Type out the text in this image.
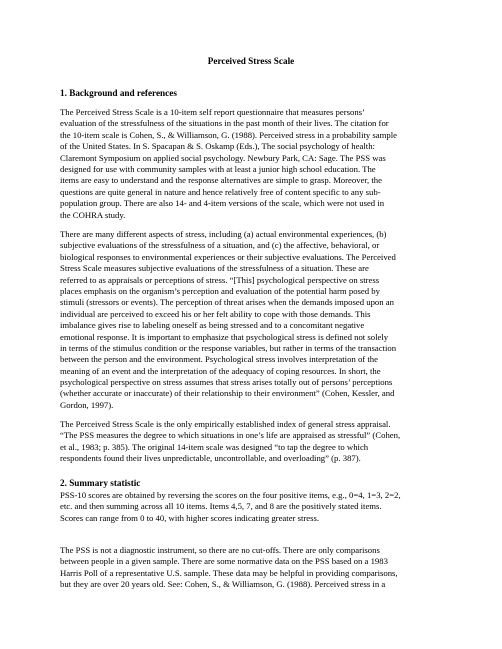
Perceived Stress Scale
1. Background and references
The Perceived Stress Scale is a 10-item self report questionnaire that measures persons’
evaluation of the stressfulness of the situations in the past month of their lives. The citation for
the 10-item scale is Cohen, S., & Williamson, G. (1988). Perceived stress in a probability sample
of the United States. In S. Spacapan & S. Oskamp (Eds.), The social psychology of health:
Claremont Symposium on applied social psychology. Newbury Park, CA: Sage. The PSS was
designed for use with community samples with at least a junior high school education. The
items are easy to understand and the response alternatives are simple to grasp. Moreover, the
questions are quite general in nature and hence relatively free of content specific to any sub-
population group. There are also 14- and 4-item versions of the scale, which were not used in
the COHRA study.
There are many different aspects of stress, including (a) actual environmental experiences, (b)
subjective evaluations of the stressfulness of a situation, and (c) the affective, behavioral, or
biological responses to environmental experiences or their subjective evaluations. The Perceived
Stress Scale measures subjective evaluations of the stressfulness of a situation. These are
referred to as appraisals or perceptions of stress. “[This] psychological perspective on stress
places emphasis on the organism’s perception and evaluation of the potential harm posed by
stimuli (stressors or events). The perception of threat arises when the demands imposed upon an
individual are perceived to exceed his or her felt ability to cope with those demands. This
imbalance gives rise to labeling oneself as being stressed and to a concomitant negative
emotional response. It is important to emphasize that psychological stress is defined not solely
in terms of the stimulus condition or the response variables, but rather in terms of the transaction
between the person and the environment. Psychological stress involves interpretation of the
meaning of an event and the interpretation of the adequacy of coping resources. In short, the
psychological perspective on stress assumes that stress arises totally out of persons’ perceptions
(whether accurate or inaccurate) of their relationship to their environment” (Cohen, Kessler, and
Gordon, 1997).
The Perceived Stress Scale is the only empirically established index of general stress appraisal.
“The PSS measures the degree to which situations in one’s life are appraised as stressful” (Cohen,
et al., 1983; p. 385). The original 14-item scale was designed “to tap the degree to which
respondents found their lives unpredictable, uncontrollable, and overloading” (p. 387).
2. Summary statistic
PSS-10 scores are obtained by reversing the scores on the four positive items, e.g., 0=4, 1=3, 2=2,
etc. and then summing across all 10 items. Items 4,5, 7, and 8 are the positively stated items.
Scores can range from 0 to 40, with higher scores indicating greater stress.
The PSS is not a diagnostic instrument, so there are no cut-offs. There are only comparisons
between people in a given sample. There are some normative data on the PSS based on a 1983
Harris Poll of a representative U.S. sample. These data may be helpful in providing comparisons,
but they are over 20 years old. See: Cohen, S., & Williamson, G. (1988). Perceived stress in a
